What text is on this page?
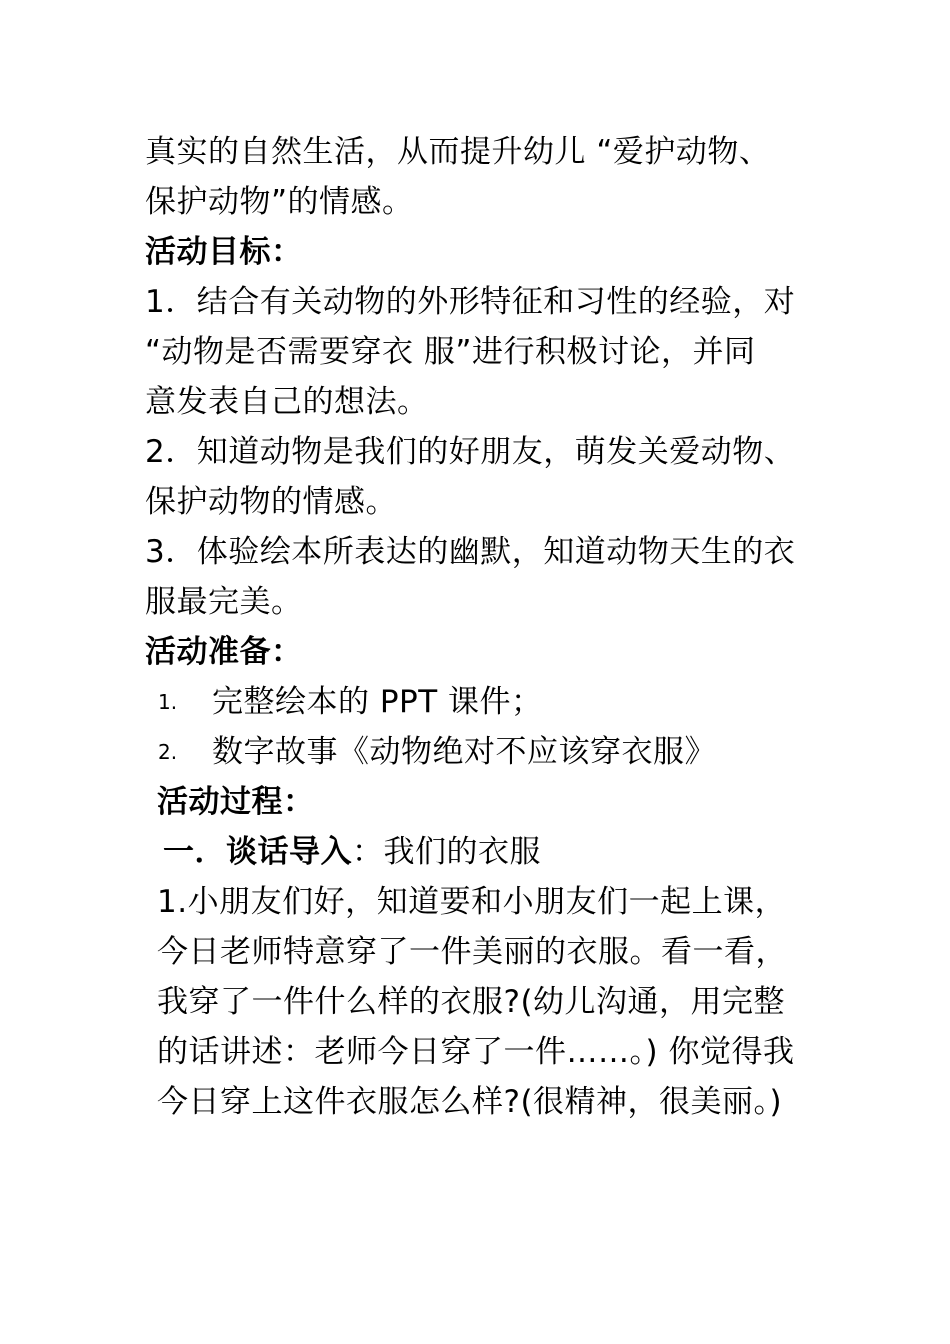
真实的自然生活，从而提升幼儿 “爱护动物、
保护动物”的情感。
活动目标：
1．结合有关动物的外形特征和习性的经验，对
“动物是否需要穿衣 服”进行积极讨论，并同
意发表自己的想法。
2．知道动物是我们的好朋友，萌发关爱动物、
保护动物的情感。
3．体验绘本所表达的幽默，知道动物天生的衣
服最完美。
活动准备：
1. 完整绘本的 PPT 课件；
2. 数字故事《动物绝对不应该穿衣服》
活动过程：
一．谈话导入：我们的衣服
1.小朋友们好，知道要和小朋友们一起上课，
今日老师特意穿了一件美丽的衣服。看一看，
我穿了一件什么样的衣服?(幼儿沟通，用完整
的话讲述：老师今日穿了一件……。) 你觉得我
今日穿上这件衣服怎么样?(很精神，很美丽。)
